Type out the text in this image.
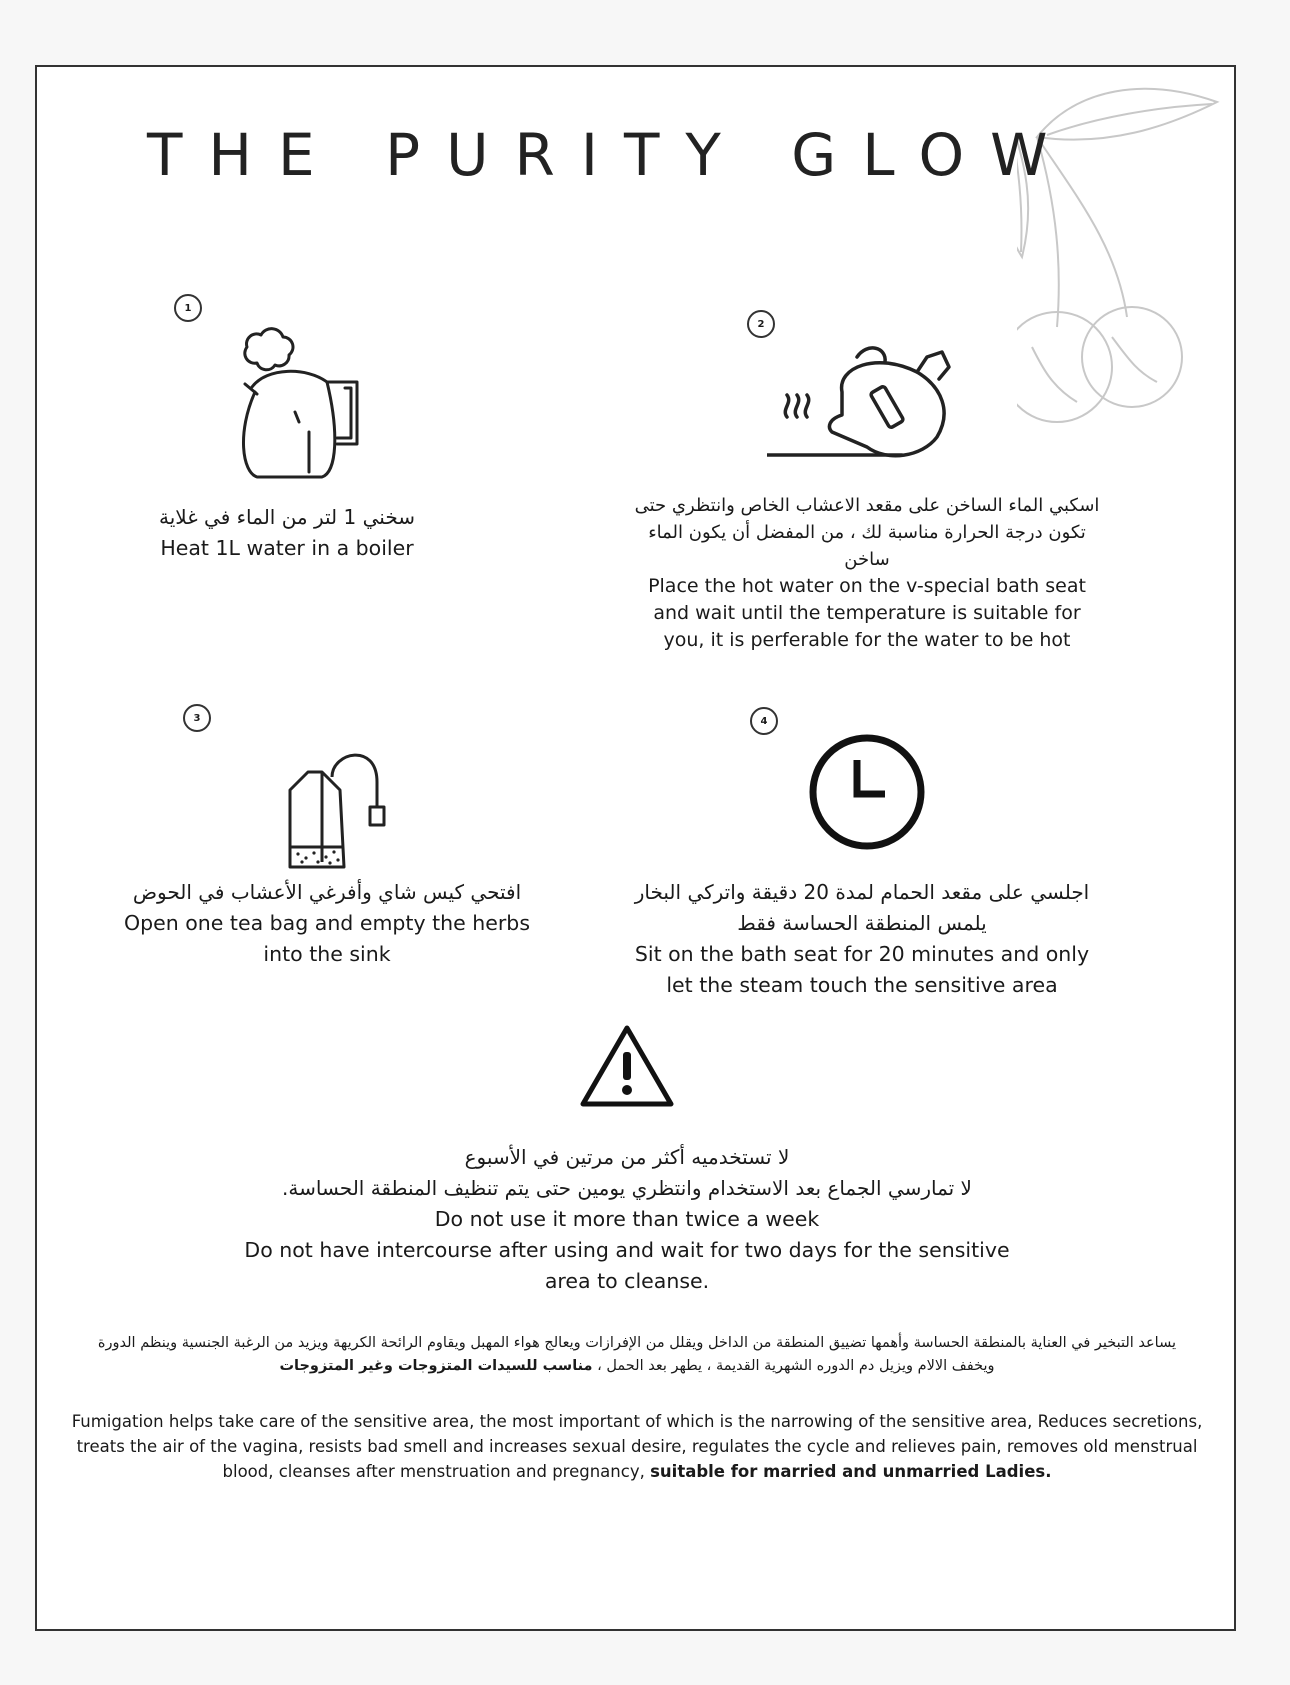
THE PURITY GLOW
1
سخني 1 لتر من الماء في غلاية
Heat 1L water in a boiler
2
اسكبي الماء الساخن على مقعد الاعشاب الخاص وانتظري حتى تكون درجة الحرارة مناسبة لك ، من المفضل أن يكون الماء ساخن
Place the hot water on the v-special bath seat and wait until the temperature is suitable for you, it is perferable for the water to be hot
3
افتحي كيس شاي وأفرغي الأعشاب في الحوض
Open one tea bag and empty the herbs into the sink
4
اجلسي على مقعد الحمام لمدة 20 دقيقة واتركي البخار يلمس المنطقة الحساسة فقط
Sit on the bath seat for 20 minutes and only let the steam touch the sensitive area
لا تستخدميه أكثر من مرتين في الأسبوع
لا تمارسي الجماع بعد الاستخدام وانتظري يومين حتى يتم تنظيف المنطقة الحساسة.
Do not use it more than twice a week
Do not have intercourse after using and wait for two days for the sensitive area to cleanse.
يساعد التبخير في العناية بالمنطقة الحساسة وأهمها تضييق المنطقة من الداخل ويقلل من الإفرازات ويعالج هواء المهبل ويقاوم الرائحة الكريهة ويزيد من الرغبة الجنسية وينظم الدورة ويخفف الالام ويزيل دم الدوره الشهرية القديمة ، يطهر بعد الحمل ، مناسب للسيدات المتزوجات وغير المتزوجات
Fumigation helps take care of the sensitive area, the most important of which is the narrowing of the sensitive area, Reduces secretions, treats the air of the vagina, resists bad smell and increases sexual desire, regulates the cycle and relieves pain, removes old menstrual blood, cleanses after menstruation and pregnancy, suitable for married and unmarried Ladies.
